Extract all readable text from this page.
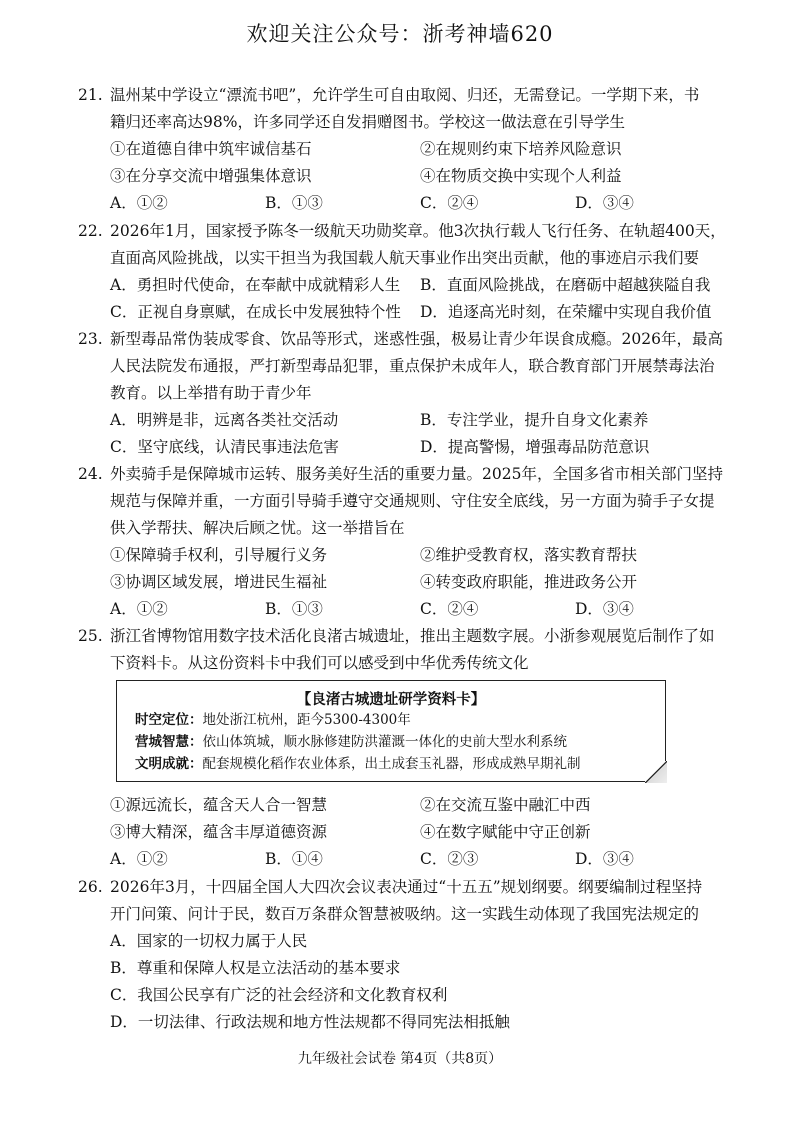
欢迎关注公众号：浙考神墙620
21. 温州某中学设立“漂流书吧”，允许学生可自由取阅、归还，无需登记。一学期下来，书
籍归还率高达98%，许多同学还自发捐赠图书。学校这一做法意在引导学生
①在道德自律中筑牢诚信基石	②在规则约束下培养风险意识
③在分享交流中增强集体意识	④在物质交换中实现个人利益
A．①②	B．①③	C．②④	D．③④
22. 2026年1月，国家授予陈冬一级航天功勋奖章。他3次执行载人飞行任务、在轨超400天，
直面高风险挑战，以实干担当为我国载人航天事业作出突出贡献，他的事迹启示我们要
A．勇担时代使命，在奉献中成就精彩人生	B．直面风险挑战，在磨砺中超越狭隘自我
C．正视自身禀赋，在成长中发展独特个性	D．追逐高光时刻，在荣耀中实现自我价值
23. 新型毒品常伪装成零食、饮品等形式，迷惑性强，极易让青少年误食成瘾。2026年，最高
人民法院发布通报，严打新型毒品犯罪，重点保护未成年人，联合教育部门开展禁毒法治
教育。以上举措有助于青少年
A．明辨是非，远离各类社交活动	B．专注学业，提升自身文化素养
C．坚守底线，认清民事违法危害	D．提高警惕，增强毒品防范意识
24. 外卖骑手是保障城市运转、服务美好生活的重要力量。2025年，全国多省市相关部门坚持
规范与保障并重，一方面引导骑手遵守交通规则、守住安全底线，另一方面为骑手子女提
供入学帮扶、解决后顾之忧。这一举措旨在
①保障骑手权利，引导履行义务	②维护受教育权，落实教育帮扶
③协调区域发展，增进民生福祉	④转变政府职能，推进政务公开
A．①②	B．①③	C．②④	D．③④
25. 浙江省博物馆用数字技术活化良渚古城遗址，推出主题数字展。小浙参观展览后制作了如
下资料卡。从这份资料卡中我们可以感受到中华优秀传统文化
【良渚古城遗址研学资料卡】
时空定位：地处浙江杭州，距今5300-4300年
营城智慧：依山体筑城，顺水脉修建防洪灌溉一体化的史前大型水利系统
文明成就：配套规模化稻作农业体系，出土成套玉礼器，形成成熟早期礼制
①源远流长，蕴含天人合一智慧	②在交流互鉴中融汇中西
③博大精深，蕴含丰厚道德资源	④在数字赋能中守正创新
A．①②	B．①④	C．②③	D．③④
26. 2026年3月，十四届全国人大四次会议表决通过“十五五”规划纲要。纲要编制过程坚持
开门问策、问计于民，数百万条群众智慧被吸纳。这一实践生动体现了我国宪法规定的
A．国家的一切权力属于人民
B．尊重和保障人权是立法活动的基本要求
C．我国公民享有广泛的社会经济和文化教育权利
D．一切法律、行政法规和地方性法规都不得同宪法相抵触
九年级社会试卷 第4页（共8页）
